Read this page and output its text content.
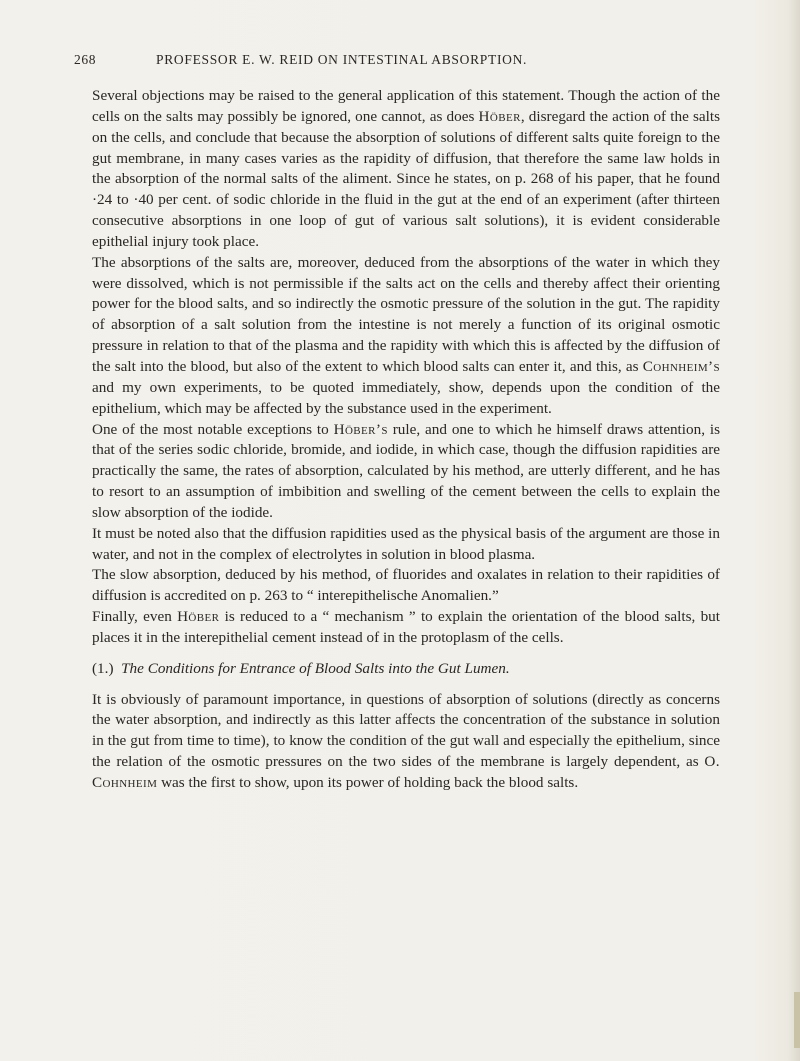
268	PROFESSOR E. W. REID ON INTESTINAL ABSORPTION.

Several objections may be raised to the general application of this statement. Though the action of the cells on the salts may possibly be ignored, one cannot, as does Höber, disregard the action of the salts on the cells, and conclude that because the absorption of solutions of different salts quite foreign to the gut membrane, in many cases varies as the rapidity of diffusion, that therefore the same law holds in the absorption of the normal salts of the aliment. Since he states, on p. 268 of his paper, that he found ·24 to ·40 per cent. of sodic chloride in the fluid in the gut at the end of an experiment (after thirteen consecutive absorptions in one loop of gut of various salt solutions), it is evident considerable epithelial injury took place.

The absorptions of the salts are, moreover, deduced from the absorptions of the water in which they were dissolved, which is not permissible if the salts act on the cells and thereby affect their orienting power for the blood salts, and so indirectly the osmotic pressure of the solution in the gut. The rapidity of absorption of a salt solution from the intestine is not merely a function of its original osmotic pressure in relation to that of the plasma and the rapidity with which this is affected by the diffusion of the salt into the blood, but also of the extent to which blood salts can enter it, and this, as Cohnheim’s and my own experiments, to be quoted immediately, show, depends upon the condition of the epithelium, which may be affected by the substance used in the experiment.

One of the most notable exceptions to Höber’s rule, and one to which he himself draws attention, is that of the series sodic chloride, bromide, and iodide, in which case, though the diffusion rapidities are practically the same, the rates of absorption, calculated by his method, are utterly different, and he has to resort to an assumption of imbibition and swelling of the cement between the cells to explain the slow absorption of the iodide.

It must be noted also that the diffusion rapidities used as the physical basis of the argument are those in water, and not in the complex of electrolytes in solution in blood plasma.

The slow absorption, deduced by his method, of fluorides and oxalates in relation to their rapidities of diffusion is accredited on p. 263 to “ interepithelische Anomalien.”

Finally, even Höber is reduced to a “ mechanism ” to explain the orientation of the blood salts, but places it in the interepithelial cement instead of in the protoplasm of the cells.

(1.) The Conditions for Entrance of Blood Salts into the Gut Lumen.

It is obviously of paramount importance, in questions of absorption of solutions (directly as concerns the water absorption, and indirectly as this latter affects the concentration of the substance in solution in the gut from time to time), to know the condition of the gut wall and especially the epithelium, since the relation of the osmotic pressures on the two sides of the membrane is largely dependent, as O. Cohnheim was the first to show, upon its power of holding back the blood salts.
